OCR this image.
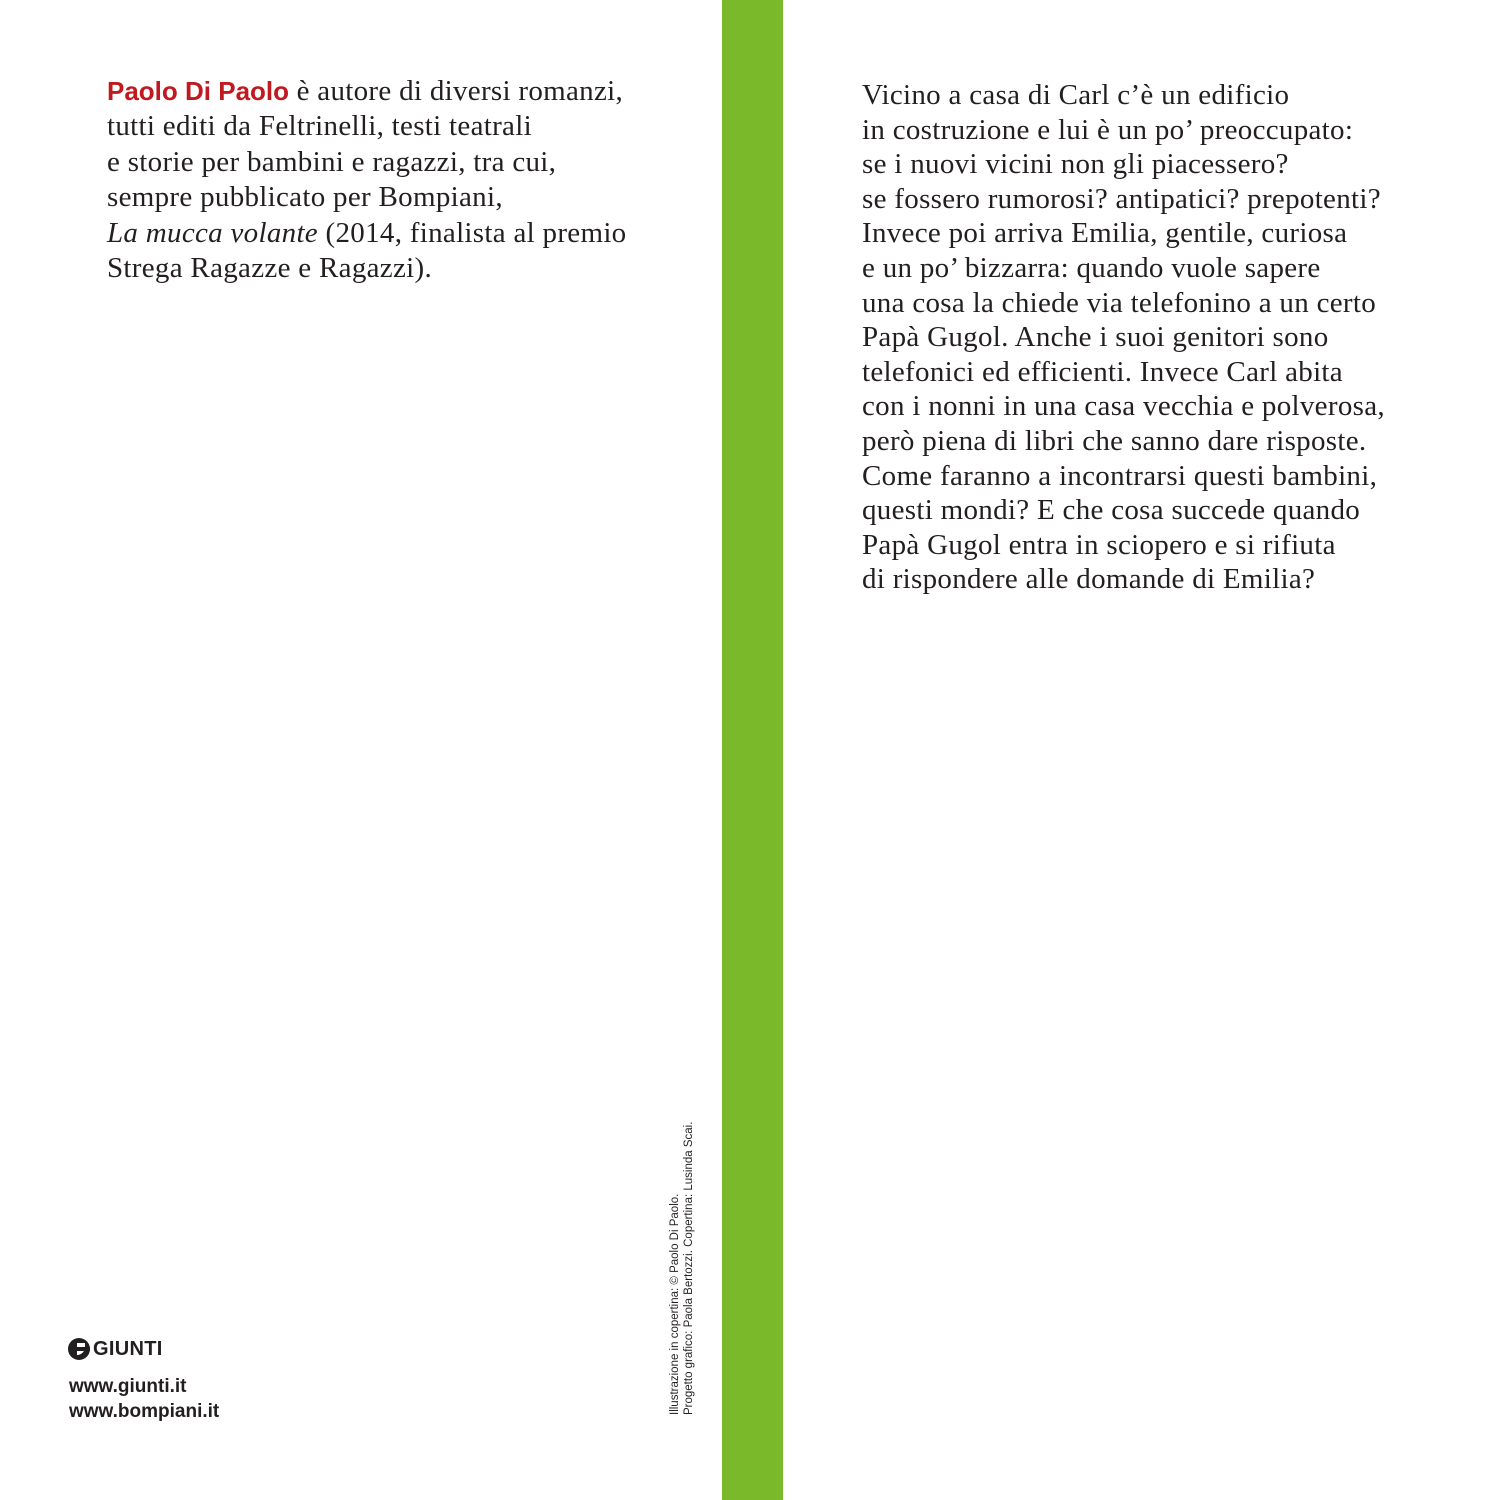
Paolo Di Paolo è autore di diversi romanzi,
tutti editi da Feltrinelli, testi teatrali
e storie per bambini e ragazzi, tra cui,
sempre pubblicato per Bompiani,
La mucca volante (2014, finalista al premio
Strega Ragazze e Ragazzi).
Vicino a casa di Carl c’è un edificio
in costruzione e lui è un po’ preoccupato:
se i nuovi vicini non gli piacessero?
se fossero rumorosi? antipatici? prepotenti?
Invece poi arriva Emilia, gentile, curiosa
e un po’ bizzarra: quando vuole sapere
una cosa la chiede via telefonino a un certo
Papà Gugol. Anche i suoi genitori sono
telefonici ed efficienti. Invece Carl abita
con i nonni in una casa vecchia e polverosa,
però piena di libri che sanno dare risposte.
Come faranno a incontrarsi questi bambini,
questi mondi? E che cosa succede quando
Papà Gugol entra in sciopero e si rifiuta
di rispondere alle domande di Emilia?
GIUNTI
www.giunti.it
www.bompiani.it	Illustrazione in copertina: © Paolo Di Paolo. Progetto grafico: Paola Bertozzi. Copertina: Lusinda Scai.
